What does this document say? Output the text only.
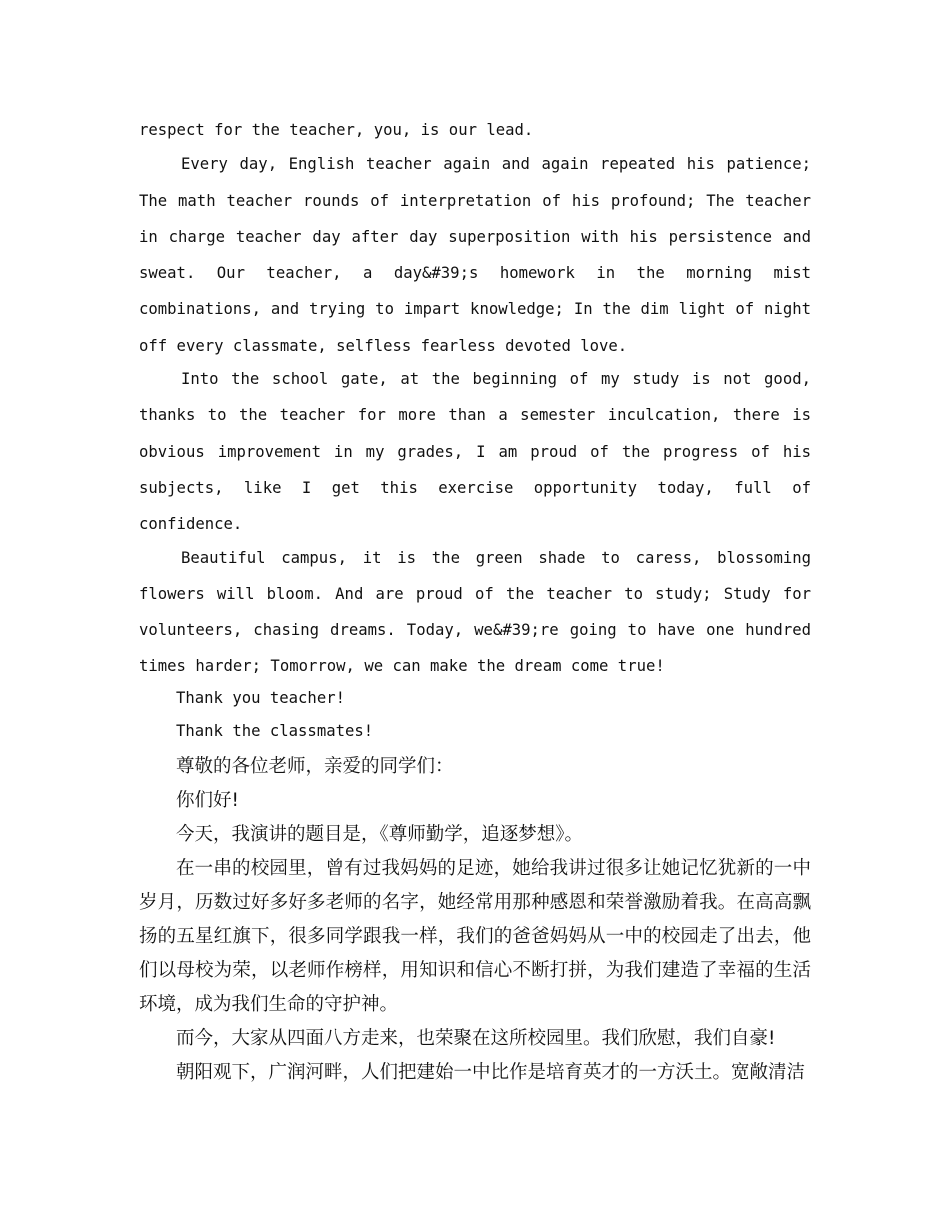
respect for the teacher, you, is our lead.

Every day, English teacher again and again repeated his patience; The math teacher rounds of interpretation of his profound; The teacher in charge teacher day after day superposition with his persistence and sweat. Our teacher, a day&#39;s homework in the morning mist combinations, and trying to impart knowledge; In the dim light of night off every classmate, selfless fearless devoted love.

Into the school gate, at the beginning of my study is not good, thanks to the teacher for more than a semester inculcation, there is obvious improvement in my grades, I am proud of the progress of his subjects, like I get this exercise opportunity today, full of confidence.

Beautiful campus, it is the green shade to caress, blossoming flowers will bloom. And are proud of the teacher to study; Study for volunteers, chasing dreams. Today, we&#39;re going to have one hundred times harder; Tomorrow, we can make the dream come true!

Thank you teacher!

Thank the classmates!

尊敬的各位老师，亲爱的同学们：

你们好!

今天，我演讲的题目是，《尊师勤学，追逐梦想》。

在一串的校园里，曾有过我妈妈的足迹，她给我讲过很多让她记忆犹新的一中岁月，历数过好多好多老师的名字，她经常用那种感恩和荣誉激励着我。在高高飘扬的五星红旗下，很多同学跟我一样，我们的爸爸妈妈从一中的校园走了出去，他们以母校为荣，以老师作榜样，用知识和信心不断打拼，为我们建造了幸福的生活环境，成为我们生命的守护神。

而今，大家从四面八方走来，也荣聚在这所校园里。我们欣慰，我们自豪!

朝阳观下，广润河畔，人们把建始一中比作是培育英才的一方沃土。宽敞清洁
